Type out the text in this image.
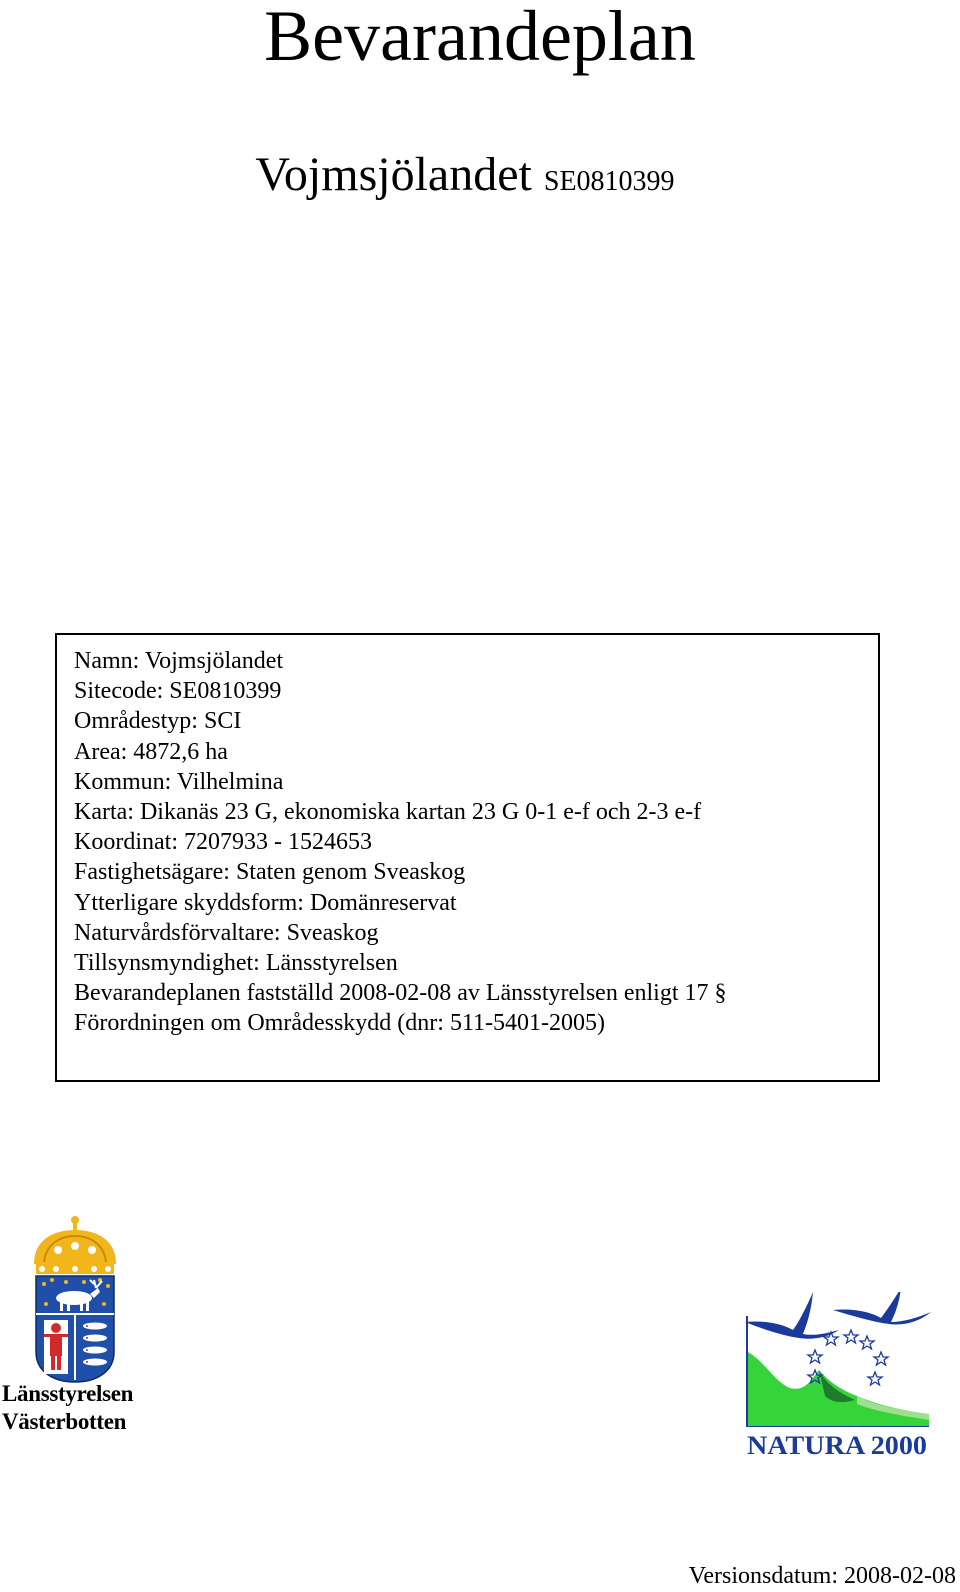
Bevarandeplan
Vojmsjölandet SE0810399
Namn: Vojmsjölandet
Sitecode: SE0810399
Områdestyp: SCI
Area: 4872,6 ha
Kommun: Vilhelmina
Karta: Dikanäs 23 G, ekonomiska kartan 23 G 0-1 e-f och 2-3 e-f
Koordinat: 7207933 - 1524653
Fastighetsägare: Staten genom Sveaskog
Ytterligare skyddsform: Domänreservat
Naturvårdsförvaltare: Sveaskog
Tillsynsmyndighet: Länsstyrelsen
Bevarandeplanen fastställd 2008-02-08 av Länsstyrelsen enligt 17 §
Förordningen om Områdesskydd (dnr: 511-5401-2005)
Länsstyrelsen
Västerbotten
NATURA 2000
Versionsdatum: 2008-02-08
